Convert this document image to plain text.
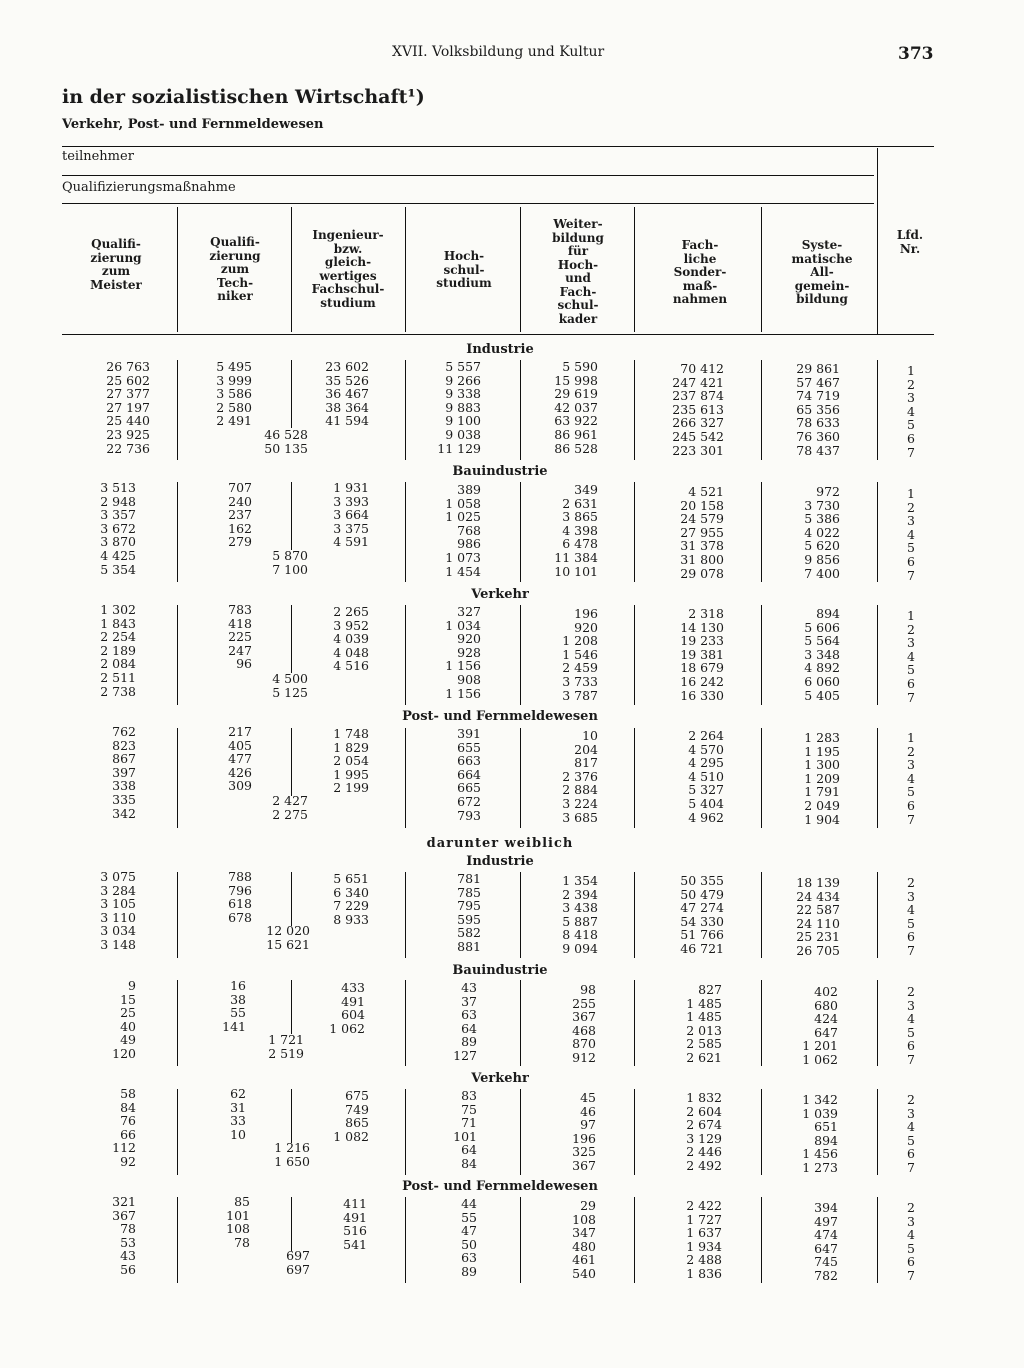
XVII. Volksbildung und Kultur	373
in der sozialistischen Wirtschaft¹)
Verkehr, Post- und Fernmeldewesen
teilnehmer
Qualifizierungsmaßnahme
Qualifi-
zierung
zum
Meister
Qualifi-
zierung
zum
Tech-
niker
Ingenieur-
bzw.
gleich-
wertiges
Fachschul-
studium
Hoch-
schul-
studium
Weiter-
bildung
für
Hoch-
und
Fach-
schul-
kader
Fach-
liche
Sonder-
maß-
nahmen
Syste-
matische
All-
gemein-
bildung
Lfd.
Nr.
darunter weiblich
Industrie
26 763
25 602
27 377
27 197
25 440
23 925
22 736
5 495
3 999
3 586
2 580
2 491
46 528
50 135
23 602
35 526
36 467
38 364
41 594
5 557
9 266
9 338
9 883
9 100
9 038
11 129
5 590
15 998
29 619
42 037
63 922
86 961
86 528
70 412
247 421
237 874
235 613
266 327
245 542
223 301
29 861
57 467
74 719
65 356
78 633
76 360
78 437
1
2
3
4
5
6
7
Bauindustrie
3 513
2 948
3 357
3 672
3 870
4 425
5 354
707
240
237
162
279
5 870
7 100
1 931
3 393
3 664
3 375
4 591
389
1 058
1 025
768
986
1 073
1 454
349
2 631
3 865
4 398
6 478
11 384
10 101
4 521
20 158
24 579
27 955
31 378
31 800
29 078
972
3 730
5 386
4 022
5 620
9 856
7 400
1
2
3
4
5
6
7
Verkehr
1 302
1 843
2 254
2 189
2 084
2 511
2 738
783
418
225
247
96
4 500
5 125
2 265
3 952
4 039
4 048
4 516
327
1 034
920
928
1 156
908
1 156
196
920
1 208
1 546
2 459
3 733
3 787
2 318
14 130
19 233
19 381
18 679
16 242
16 330
894
5 606
5 564
3 348
4 892
6 060
5 405
1
2
3
4
5
6
7
Post- und Fernmeldewesen
762
823
867
397
338
335
342
217
405
477
426
309
2 427
2 275
1 748
1 829
2 054
1 995
2 199
391
655
663
664
665
672
793
10
204
817
2 376
2 884
3 224
3 685
2 264
4 570
4 295
4 510
5 327
5 404
4 962
1 283
1 195
1 300
1 209
1 791
2 049
1 904
1
2
3
4
5
6
7
Industrie
3 075
3 284
3 105
3 110
3 034
3 148
788
796
618
678
12 020
15 621
5 651
6 340
7 229
8 933
781
785
795
595
582
881
1 354
2 394
3 438
5 887
8 418
9 094
50 355
50 479
47 274
54 330
51 766
46 721
18 139
24 434
22 587
24 110
25 231
26 705
2
3
4
5
6
7
Bauindustrie
9
15
25
40
49
120
16
38
55
141
1 721
2 519
433
491
604
1 062
43
37
63
64
89
127
98
255
367
468
870
912
827
1 485
1 485
2 013
2 585
2 621
402
680
424
647
1 201
1 062
2
3
4
5
6
7
Verkehr
58
84
76
66
112
92
62
31
33
10
1 216
1 650
675
749
865
1 082
83
75
71
101
64
84
45
46
97
196
325
367
1 832
2 604
2 674
3 129
2 446
2 492
1 342
1 039
651
894
1 456
1 273
2
3
4
5
6
7
Post- und Fernmeldewesen
321
367
78
53
43
56
85
101
108
78
697
697
411
491
516
541
44
55
47
50
63
89
29
108
347
480
461
540
2 422
1 727
1 637
1 934
2 488
1 836
394
497
474
647
745
782
2
3
4
5
6
7
